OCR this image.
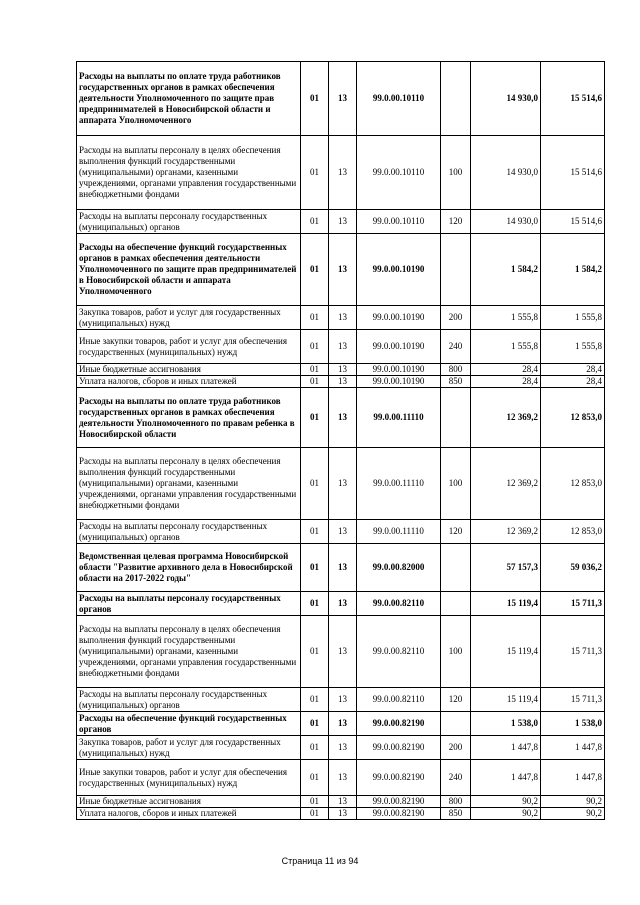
Расходы на выплаты по оплате труда работников государственных органов в рамках обеспечения деятельности Уполномоченного по защите прав предпринимателей в Новосибирской области и аппарата Уполномоченного	01	13	99.0.00.10110		14 930,0	15 514,6
Расходы на выплаты персоналу в целях обеспечения выполнения функций государственными (муниципальными) органами, казенными учреждениями, органами управления государственными внебюджетными фондами	01	13	99.0.00.10110	100	14 930,0	15 514,6
Расходы на выплаты персоналу государственных (муниципальных) органов	01	13	99.0.00.10110	120	14 930,0	15 514,6
Расходы на обеспечение функций государственных органов в рамках обеспечения деятельности Уполномоченного по защите прав предпринимателей в Новосибирской области и аппарата Уполномоченного	01	13	99.0.00.10190		1 584,2	1 584,2
Закупка товаров, работ и услуг для государственных (муниципальных) нужд	01	13	99.0.00.10190	200	1 555,8	1 555,8
Иные закупки товаров, работ и услуг для обеспечения государственных (муниципальных) нужд	01	13	99.0.00.10190	240	1 555,8	1 555,8
Иные бюджетные ассигнования	01	13	99.0.00.10190	800	28,4	28,4
Уплата налогов, сборов и иных платежей	01	13	99.0.00.10190	850	28,4	28,4
Расходы на выплаты по оплате труда работников государственных органов в рамках обеспечения деятельности Уполномоченного по правам ребенка в Новосибирской области	01	13	99.0.00.11110		12 369,2	12 853,0
Расходы на выплаты персоналу в целях обеспечения выполнения функций государственными (муниципальными) органами, казенными учреждениями, органами управления государственными внебюджетными фондами	01	13	99.0.00.11110	100	12 369,2	12 853,0
Расходы на выплаты персоналу государственных (муниципальных) органов	01	13	99.0.00.11110	120	12 369,2	12 853,0
Ведомственная целевая программа Новосибирской области "Развитие архивного дела в Новосибирской области на 2017-2022 годы"	01	13	99.0.00.82000		57 157,3	59 036,2
Расходы на выплаты персоналу государственных органов	01	13	99.0.00.82110		15 119,4	15 711,3
Расходы на выплаты персоналу в целях обеспечения выполнения функций государственными (муниципальными) органами, казенными учреждениями, органами управления государственными внебюджетными фондами	01	13	99.0.00.82110	100	15 119,4	15 711,3
Расходы на выплаты персоналу государственных (муниципальных) органов	01	13	99.0.00.82110	120	15 119,4	15 711,3
Расходы на обеспечение функций государственных органов	01	13	99.0.00.82190		1 538,0	1 538,0
Закупка товаров, работ и услуг для государственных (муниципальных) нужд	01	13	99.0.00.82190	200	1 447,8	1 447,8
Иные закупки товаров, работ и услуг для обеспечения государственных (муниципальных) нужд	01	13	99.0.00.82190	240	1 447,8	1 447,8
Иные бюджетные ассигнования	01	13	99.0.00.82190	800	90,2	90,2
Уплата налогов, сборов и иных платежей	01	13	99.0.00.82190	850	90,2	90,2
Страница 11 из 94
